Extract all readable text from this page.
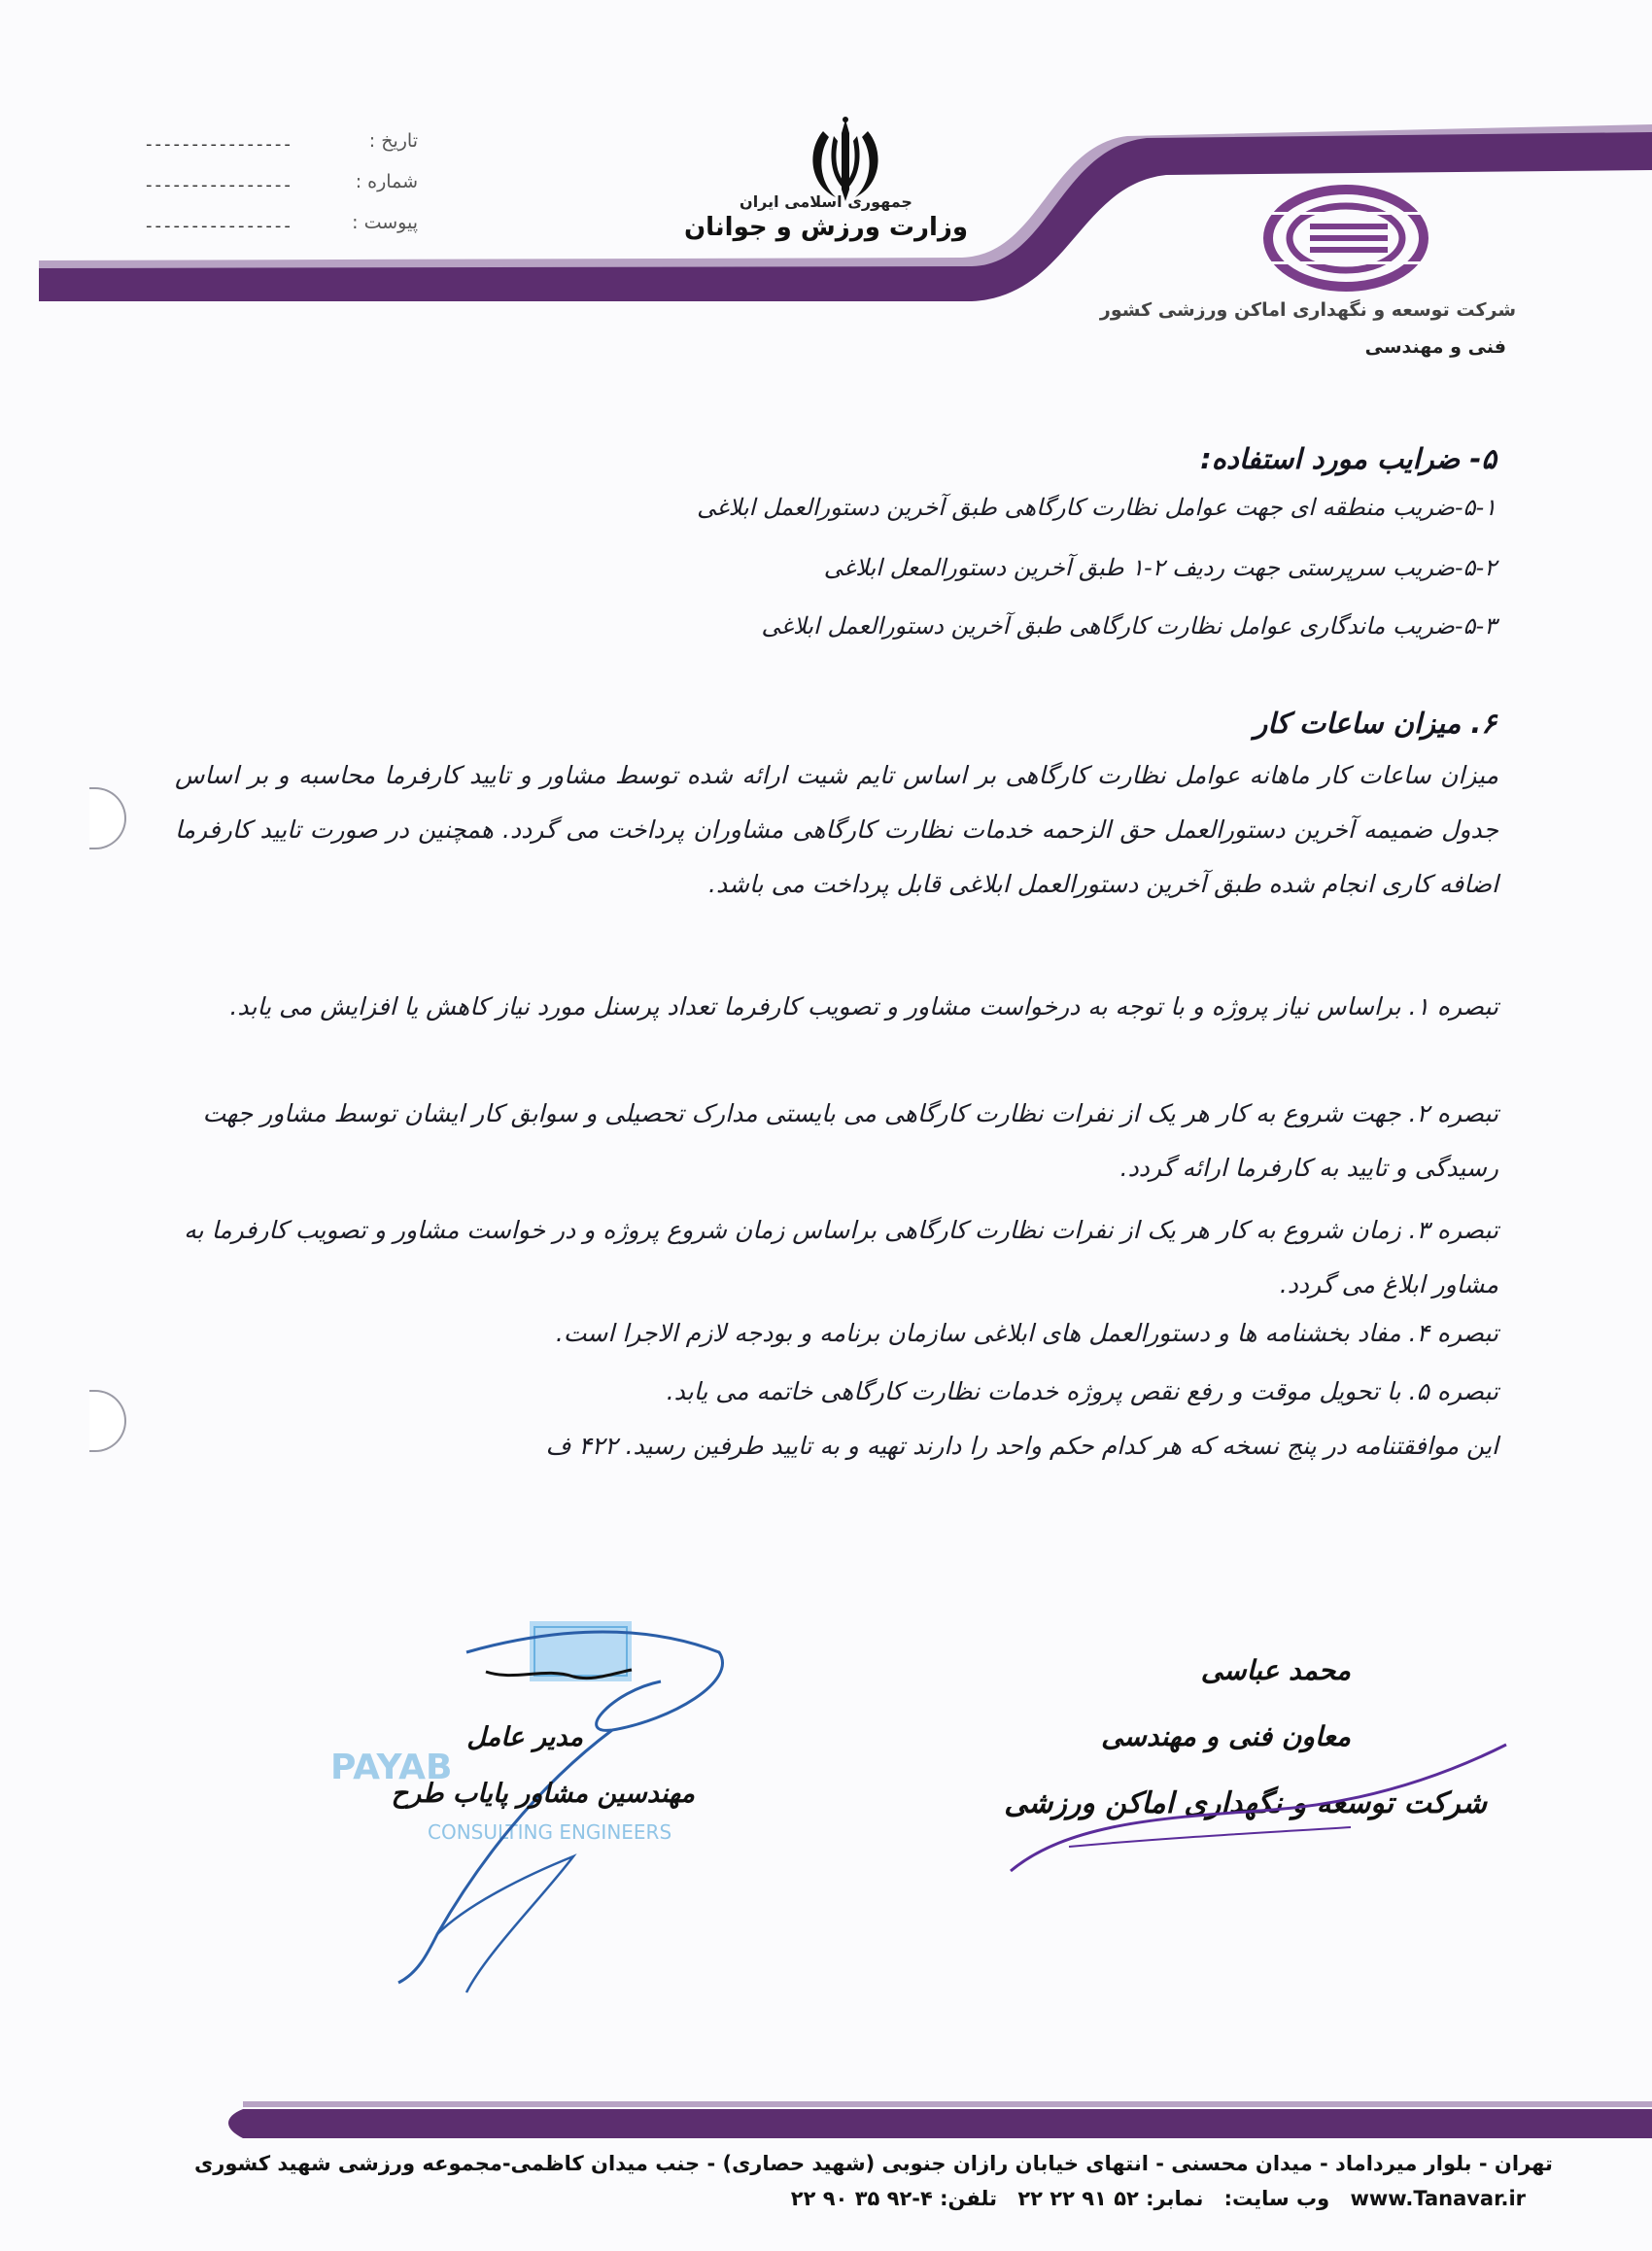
----------------	تاریخ :
----------------	شماره :
----------------	پیوست :
جمهوری اسلامی ایران
وزارت ورزش و جوانان
شرکت توسعه و نگهداری اماکن ورزشی کشور
فنی و مهندسی
۵- ضرایب مورد استفاده:
۵-۱-ضریب منطقه ای جهت عوامل نظارت کارگاهی طبق آخرین دستورالعمل ابلاغی
۵-۲-ضریب سرپرستی جهت ردیف ۲-۱ طبق آخرین دستورالمعل ابلاغی
۵-۳-ضریب ماندگاری عوامل نظارت کارگاهی طبق آخرین دستورالعمل ابلاغی
۶. میزان ساعات کار
میزان ساعات کار ماهانه عوامل نظارت کارگاهی بر اساس تایم شیت ارائه شده توسط مشاور و تایید کارفرما محاسبه و بر اساس جدول ضمیمه آخرین دستورالعمل حق الزحمه خدمات نظارت کارگاهی مشاوران پرداخت می گردد. همچنین در صورت تایید کارفرما اضافه کاری انجام شده طبق آخرین دستورالعمل ابلاغی قابل پرداخت می باشد.
تبصره ۱. براساس نیاز پروژه و با توجه به درخواست مشاور و تصویب کارفرما تعداد پرسنل مورد نیاز کاهش یا افزایش می یابد.
تبصره ۲. جهت شروع به کار هر یک از نفرات نظارت کارگاهی می بایستی مدارک تحصیلی و سوابق کار ایشان توسط مشاور جهت رسیدگی و تایید به کارفرما ارائه گردد.
تبصره ۳. زمان شروع به کار هر یک از نفرات نظارت کارگاهی براساس زمان شروع پروژه و در خواست مشاور و تصویب کارفرما به مشاور ابلاغ می گردد.
تبصره ۴. مفاد بخشنامه ها و دستورالعمل های ابلاغی سازمان برنامه و بودجه لازم الاجرا است.
تبصره ۵. با تحویل موقت و رفع نقص پروژه خدمات نظارت کارگاهی خاتمه می یابد.
این موافقتنامه در پنج نسخه که هر کدام حکم واحد را دارند تهیه و به تایید طرفین رسید. ۴۲۲ ف
PAYAB
CONSULTING ENGINEERS
مدیر عامل
مهندسین مشاور پایاب طرح
محمد عباسی
معاون فنی و مهندسی
شرکت توسعه و نگهداری اماکن ورزشی
تهران - بلوار میرداماد - میدان محسنی - انتهای خیابان رازان جنوبی (شهید حصاری) - جنب میدان کاظمی-مجموعه ورزشی شهید کشوری
تلفن: ۴-۹۲ ۳۵ ۹۰ ۲۲ نمابر: ۵۲ ۹۱ ۲۲ ۲۲ وب سایت: www.Tanavar.ir
